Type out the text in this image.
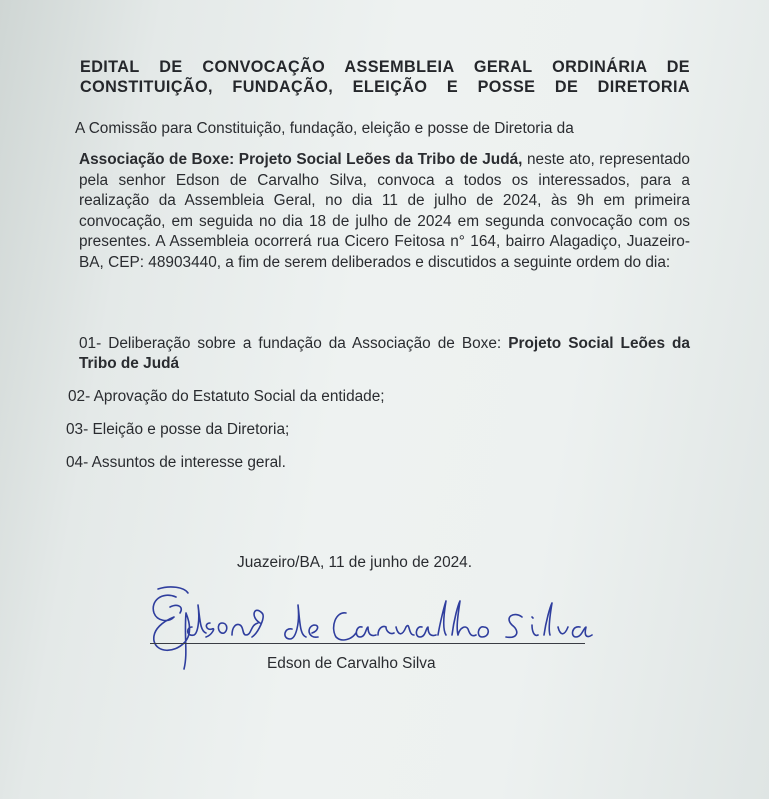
EDITAL DE CONVOCAÇÃO ASSEMBLEIA GERAL ORDINÁRIA DE
CONSTITUIÇÃO, FUNDAÇÃO, ELEIÇÃO E POSSE DE DIRETORIA

A Comissão para Constituição, fundação, eleição e posse de Diretoria da

Associação de Boxe: Projeto Social Leões da Tribo de Judá, neste ato, representado pela senhor Edson de Carvalho Silva, convoca a todos os interessados, para a realização da Assembleia Geral, no dia 11 de julho de 2024, às 9h em primeira convocação, em seguida no dia 18 de julho de 2024 em segunda convocação com os presentes. A Assembleia ocorrerá rua Cicero Feitosa n° 164, bairro Alagadiço, Juazeiro-BA, CEP: 48903440, a fim de serem deliberados e discutidos a seguinte ordem do dia:

01- Deliberação sobre a fundação da Associação de Boxe: Projeto Social Leões da Tribo de Judá

02- Aprovação do Estatuto Social da entidade;

03- Eleição e posse da Diretoria;

04- Assuntos de interesse geral.

Juazeiro/BA, 11 de junho de 2024.
Edson de Carvalho Silva
